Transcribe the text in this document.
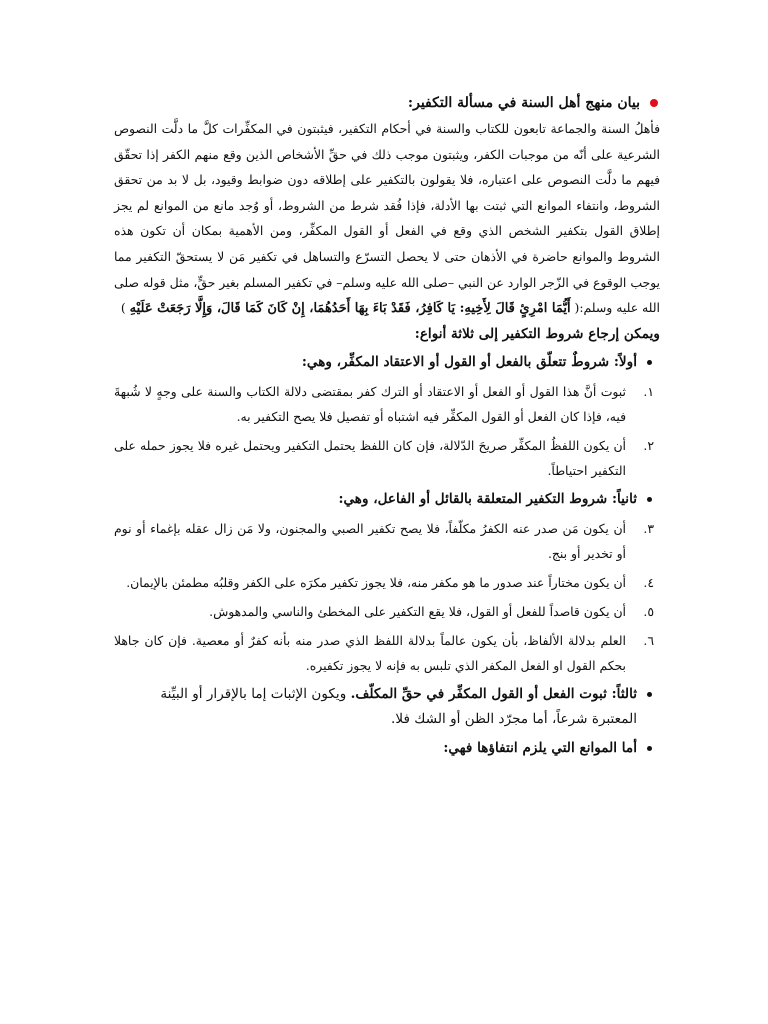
بيان منهج أهل السنة في مسألة التكفير:

فأهلُ السنة والجماعة تابعون للكتاب والسنة في أحكام التكفير، فيثبتون في المكفِّرات كلَّ ما دلَّت النصوص الشرعية على أنّه من موجبات الكفر، ويثبتون موجب ذلك في حقِّ الأشخاص الذين وقع منهم الكفر إذا تحقّق فيهم ما دلَّت النصوص على اعتباره، فلا يقولون بالتكفير على إطلاقه دون ضوابط وقيود، بل لا بد من تحقق الشروط، وانتفاء الموانع التي ثبتت بها الأدلة، فإذا فُقد شرط من الشروط، أو وُجد مانع من الموانع لم يجز إطلاق القول بتكفير الشخص الذي وقع في الفعل أو القول المكفِّر، ومن الأهمية بمكان أن تكون هذه الشروط والموانع حاضرة في الأذهان حتى لا يحصل التسرّع والتساهل في تكفير مَن لا يستحقّ التكفير مما يوجب الوقوع في الزّجر الوارد عن النبي –صلى الله عليه وسلم– في تكفير المسلم بغير حقٍّ، مثل قوله صلى الله عليه وسلم:( أَيُّمَا امْرِئٍ قَالَ لِأَخِيهِ: يَا كَافِرُ، فَقَدْ بَاءَ بِهَا أَحَدُهُمَا، إِنْ كَانَ كَمَا قَالَ، وَإِلَّا رَجَعَتْ عَلَيْهِ )

ويمكن إرجاع شروط التكفير إلى ثلاثة أنواع:
أولاً: شروطٌ تتعلّق بالفعل أو القول أو الاعتقاد المكفِّر، وهي:
١.
ثبوت أنَّ هذا القول أو الفعل أو الاعتقاد أو الترك كفر بمقتضى دلالة الكتاب والسنة على وجهٍ لا شُبهةَ فيه، فإذا كان الفعل أو القول المكفِّر فيه اشتباه أو تفصيل فلا يصح التكفير به.
٢.
أن يكون اللفظُ المكفِّر صريحَ الدّلالة، فإن كان اللفظ يحتمل التكفير ويحتمل غيره فلا يجوز حمله على التكفير احتياطاً.
ثانياً: شروط التكفير المتعلقة بالقائل أو الفاعل، وهي:
٣.
أن يكون مَن صدر عنه الكفرُ مكلّفاً، فلا يصح تكفير الصبي والمجنون، ولا مَن زال عقله بإغماء أو نوم أو تخدير أو بنج.
٤.
أن يكون مختاراً عند صدور ما هو مكفر منه، فلا يجوز تكفير مكرَه على الكفر وقلبُه مطمئن بالإيمان.
٥.
أن يكون قاصداً للفعل أو القول، فلا يقع التكفير على المخطئ والناسي والمدهوش.
٦.
العلم بدلالة الألفاظ، بأن يكون عالماً بدلالة اللفظ الذي صدر منه بأنه كفرٌ أو معصية. فإن كان جاهلا بحكم القول او الفعل المكفر الذي تلبس به فإنه لا يجوز تكفيره.
ثالثاً: ثبوت الفعل أو القول المكفِّر في حقِّ المكلّف. ويكون الإثبات إما بالإقرار أو البيِّنة المعتبرة شرعاً، أما مجرّد الظن أو الشك فلا.
أما الموانع التي يلزم انتفاؤها فهي:
